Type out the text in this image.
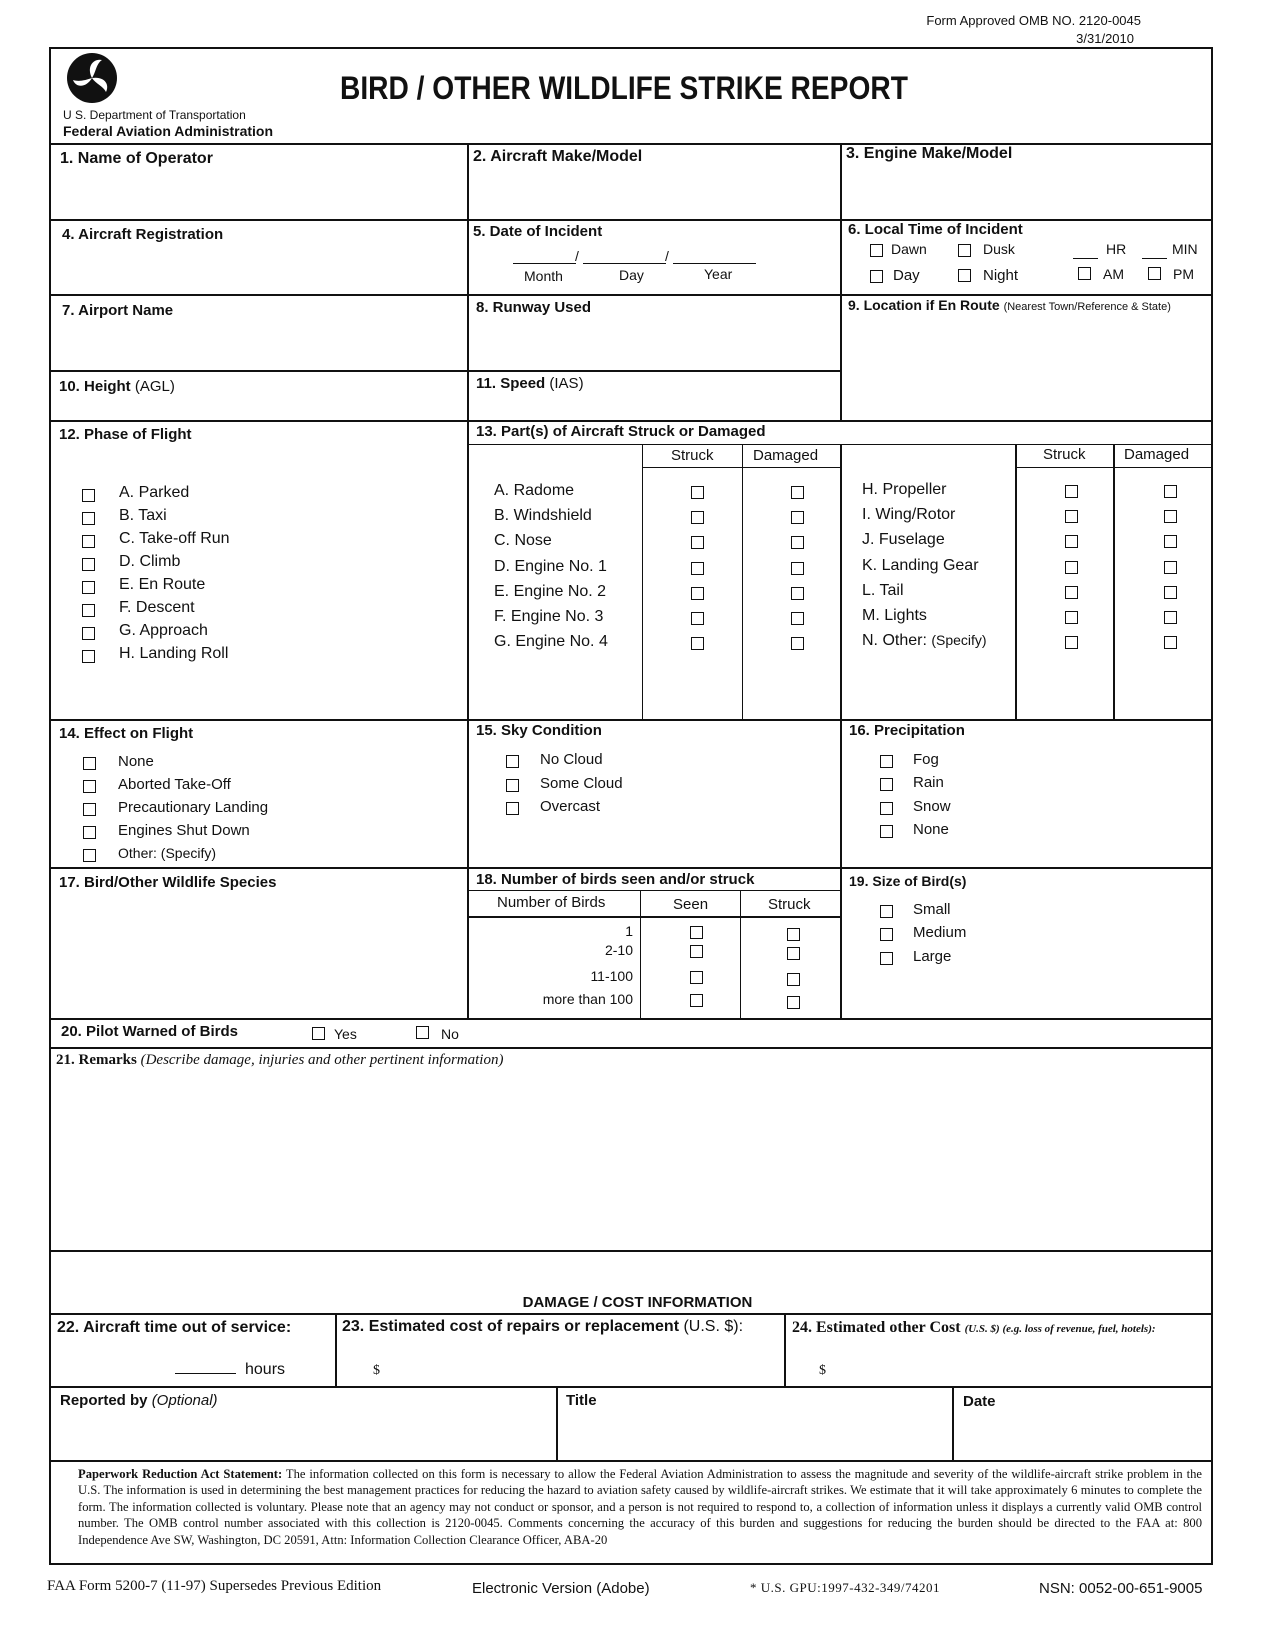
Form Approved OMB NO. 2120-0045
3/31/2010
U S. Department of Transportation
Federal Aviation Administration
BIRD / OTHER WILDLIFE STRIKE REPORT
1. Name of Operator	2. Aircraft Make/Model	3. Engine Make/Model
4. Aircraft Registration	5. Date of Incident
/	/
Month	Day	Year
6. Local Time of Incident
Dawn	Dusk
Day	Night
HR	MIN
AM	PM
7. Airport Name	8. Runway Used	9. Location if En Route (Nearest Town/Reference & State)
10. Height (AGL)	11. Speed (IAS)
12. Phase of Flight
A. Parked
B. Taxi
C. Take-off Run
D. Climb
E. En Route
F. Descent
G. Approach
H. Landing Roll
13. Part(s) of Aircraft Struck or Damaged
Struck	Damaged	Struck	Damaged
A. Radome
B. Windshield
C. Nose
D. Engine No. 1
E. Engine No. 2
F. Engine No. 3
G. Engine No. 4
H. Propeller
I. Wing/Rotor
J. Fuselage
K. Landing Gear
L. Tail
M. Lights
N. Other: (Specify)
14. Effect on Flight
None
Aborted Take-Off
Precautionary Landing
Engines Shut Down
Other: (Specify)
15. Sky Condition
No Cloud
Some Cloud
Overcast
16. Precipitation
Fog
Rain
Snow
None
17. Bird/Other Wildlife Species	18. Number of birds seen and/or struck
Number of Birds	Seen	Struck
1
2-10
11-100
more than 100
19. Size of Bird(s)
Small
Medium
Large
20. Pilot Warned of Birds	Yes	No
21. Remarks (Describe damage, injuries and other pertinent information)
DAMAGE / COST INFORMATION
22. Aircraft time out of service:
hours
23. Estimated cost of repairs or replacement (U.S. $):
$
24. Estimated other Cost (U.S. $) (e.g. loss of revenue, fuel, hotels):
$
Reported by (Optional)	Title	Date
Paperwork Reduction Act Statement: The information collected on this form is necessary to allow the Federal Aviation Administration to assess the magnitude and severity of the wildlife-aircraft strike problem in the U.S. The information is used in determining the best management practices for reducing the hazard to aviation safety caused by wildlife-aircraft strikes. We estimate that it will take approximately 6 minutes to complete the form. The information collected is voluntary. Please note that an agency may not conduct or sponsor, and a person is not required to respond to, a collection of information unless it displays a currently valid OMB control number. The OMB control number associated with this collection is 2120-0045. Comments concerning the accuracy of this burden and suggestions for reducing the burden should be directed to the FAA at: 800 Independence Ave SW, Washington, DC 20591, Attn: Information Collection Clearance Officer, ABA-20
FAA Form 5200-7 (11-97) Supersedes Previous Edition	Electronic Version (Adobe)	* U.S. GPU:1997-432-349/74201	NSN: 0052-00-651-9005
